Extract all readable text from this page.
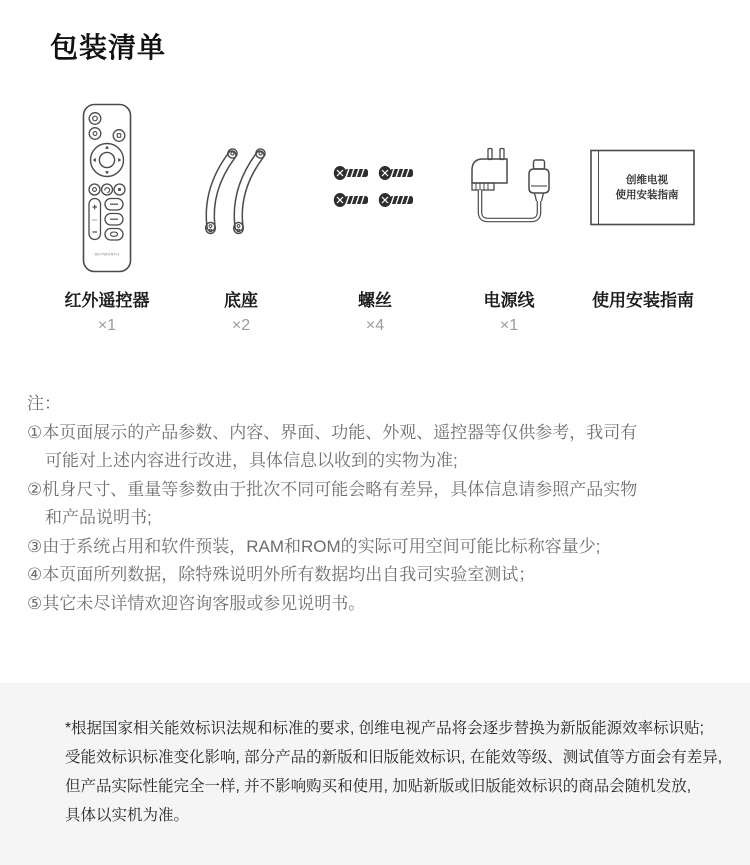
包装清单
VOL
SKYWORTH
红外遥控器
×1
底座
×2
螺丝
×4
电源线
×1
创维电视
使用安装指南
使用安装指南
注：
①本页面展示的产品参数、内容、界面、功能、外观、遥控器等仅供参考，我司有
可能对上述内容进行改进，具体信息以收到的实物为准;
②机身尺寸、重量等参数由于批次不同可能会略有差异，具体信息请参照产品实物
和产品说明书;
③由于系统占用和软件预装，RAM和ROM的实际可用空间可能比标称容量少;
④本页面所列数据，除特殊说明外所有数据均出自我司实验室测试；
⑤其它未尽详情欢迎咨询客服或参见说明书。
*根据国家相关能效标识法规和标准的要求, 创维电视产品将会逐步替换为新版能源效率标识贴;
受能效标识标准变化影响, 部分产品的新版和旧版能效标识, 在能效等级、测试值等方面会有差异,
但产品实际性能完全一样, 并不影响购买和使用, 加贴新版或旧版能效标识的商品会随机发放,
具体以实机为准。
